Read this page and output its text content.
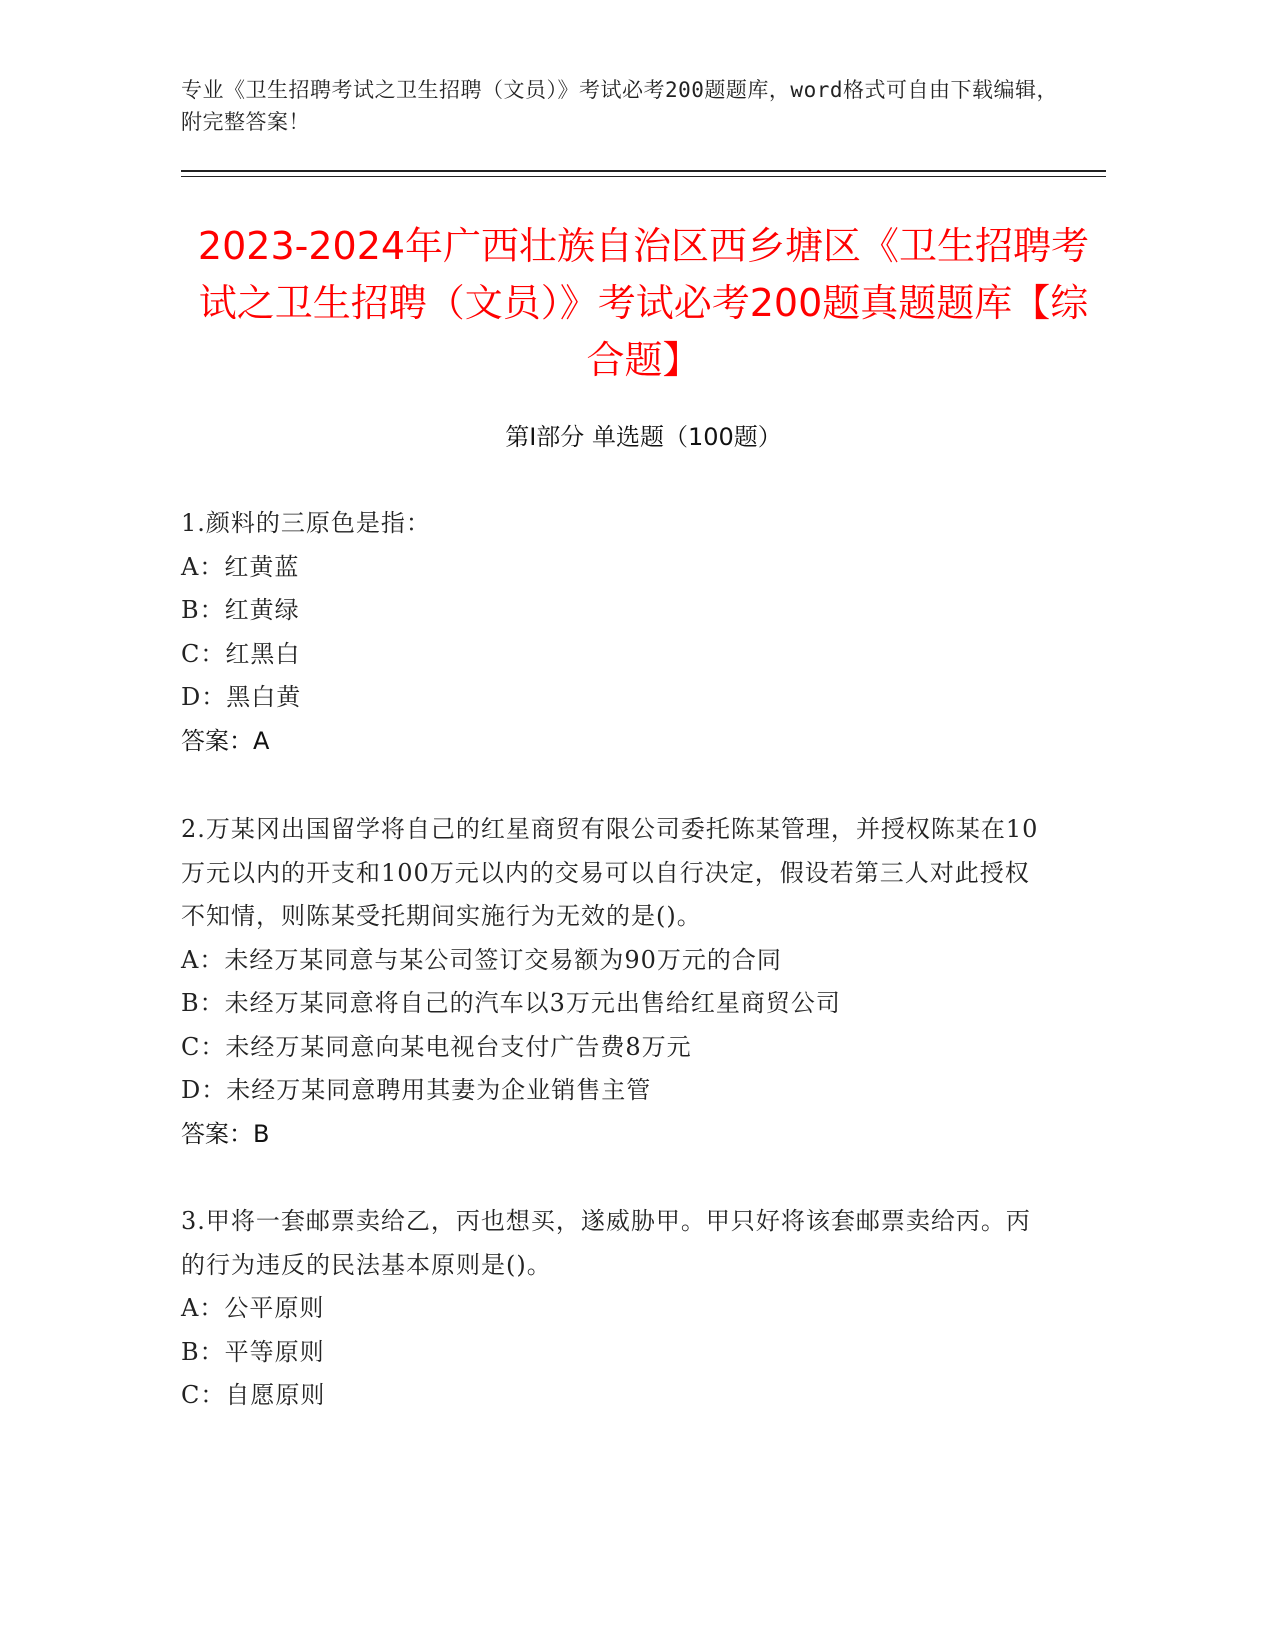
专业《卫生招聘考试之卫生招聘（文员）》考试必考200题题库，word格式可自由下载编辑，附完整答案！
2023-2024年广西壮族自治区西乡塘区《卫生招聘考试之卫生招聘（文员）》考试必考200题真题题库【综合题】
第Ⅰ部分 单选题（100题）
1.颜料的三原色是指：
A：红黄蓝
B：红黄绿
C：红黑白
D：黑白黄
答案：A
2.万某冈出国留学将自己的红星商贸有限公司委托陈某管理，并授权陈某在10万元以内的开支和100万元以内的交易可以自行决定，假设若第三人对此授权不知情，则陈某受托期间实施行为无效的是()。
A：未经万某同意与某公司签订交易额为90万元的合同
B：未经万某同意将自己的汽车以3万元出售给红星商贸公司
C：未经万某同意向某电视台支付广告费8万元
D：未经万某同意聘用其妻为企业销售主管
答案：B
3.甲将一套邮票卖给乙，丙也想买，遂威胁甲。甲只好将该套邮票卖给丙。丙的行为违反的民法基本原则是()。
A：公平原则
B：平等原则
C：自愿原则
